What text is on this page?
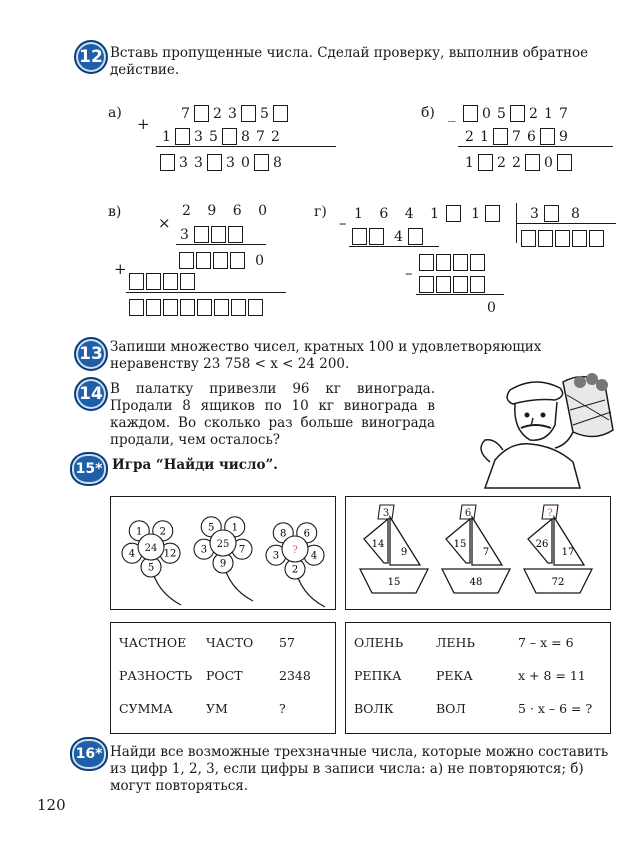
12 Вставь пропущенные числа. Сделай проверку, выполнив обратное действие.
а)
+
7 2 3 5
1 3 5 8 7 2
3 3 3 0 8
б) _	0 5 2 1 7
2 1 7 6 9
1 2 2 0
в)	2 9 6 0
×
3
+	0
г)
– 1 6 4 1 1	3 8
4
–
0
13 Запиши множество чисел, кратных 100 и удовлетворяющих неравенству 23 758 < x < 24 200.
14 В палатку привезли 96 кг винограда. Продали 8 ящиков по 10 кг винограда в каждом. Во сколько раз больше винограда продали, чем осталось?
15* Игра “Найди число”.
1 2
12
5
4
24
5 1
7
9
3
25
8 6
4
2
3
?
3
14
9
15
6
15
7
48
?
26
17
72
ЧАСТНОЕ ЧАСТО 57
РАЗНОСТЬ РОСТ	2348
СУММА	УМ	?
ОЛЕНЬ	ЛЕНЬ	7 – x = 6
РЕПКА	РЕКА	x + 8 = 11
ВОЛК	ВОЛ	5 · x – 6 = ?
16* Найди все возможные трехзначные числа, которые можно составить из цифр 1, 2, 3, если цифры в записи числа: а) не повторяются; б) могут повторяться.
120
